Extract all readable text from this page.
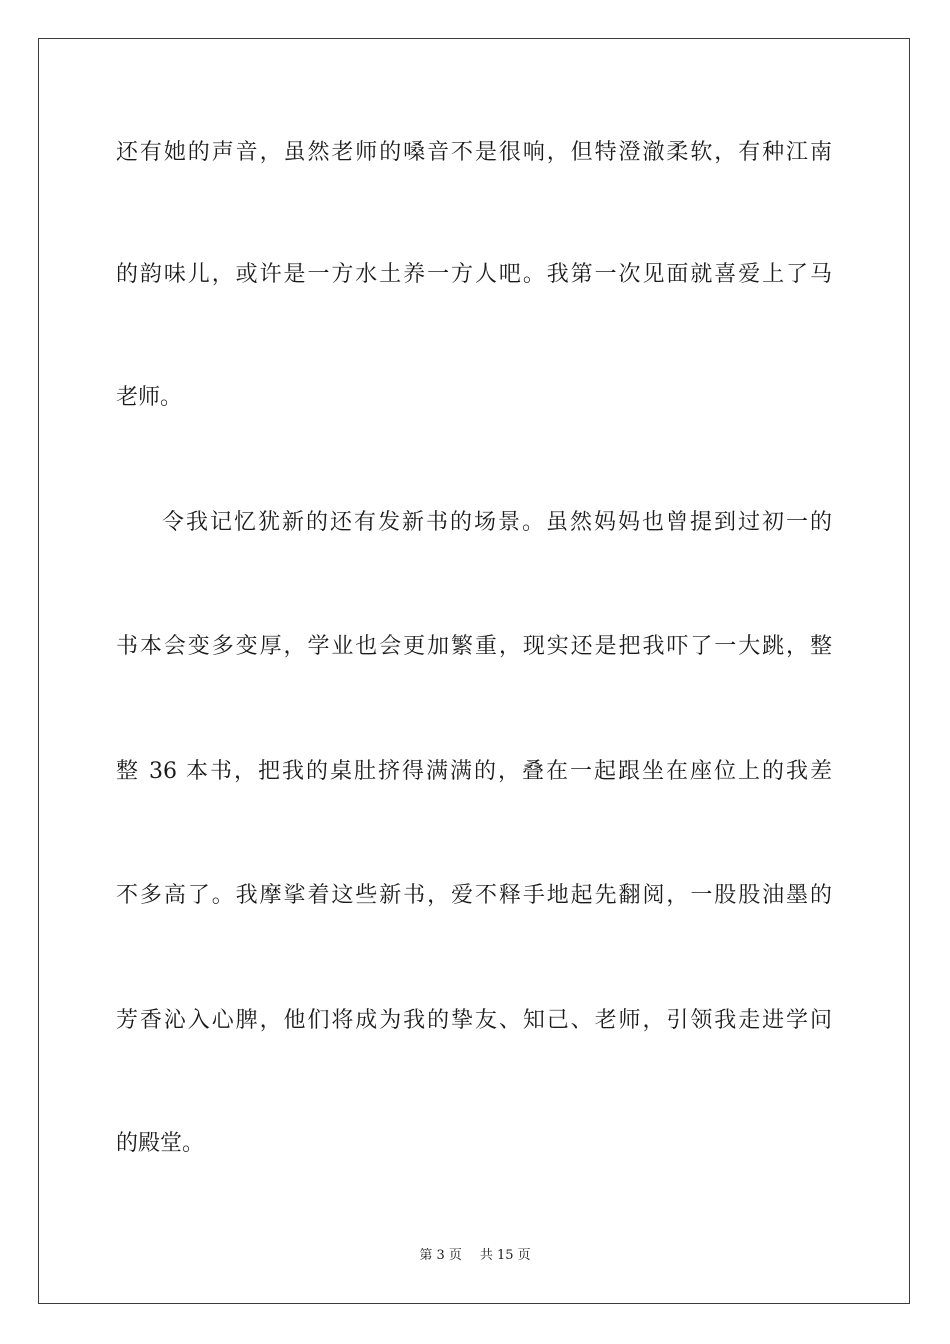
还有她的声音，虽然老师的嗓音不是很响，但特澄澈柔软，有种江南
的韵味儿，或许是一方水土养一方人吧。我第一次见面就喜爱上了马
老师。
令我记忆犹新的还有发新书的场景。虽然妈妈也曾提到过初一的
书本会变多变厚，学业也会更加繁重，现实还是把我吓了一大跳，整
整 36 本书，把我的桌肚挤得满满的，叠在一起跟坐在座位上的我差
不多高了。我摩挲着这些新书，爱不释手地起先翻阅，一股股油墨的
芳香沁入心脾，他们将成为我的挚友、知己、老师，引领我走进学问
的殿堂。
第 3 页 共 15 页
